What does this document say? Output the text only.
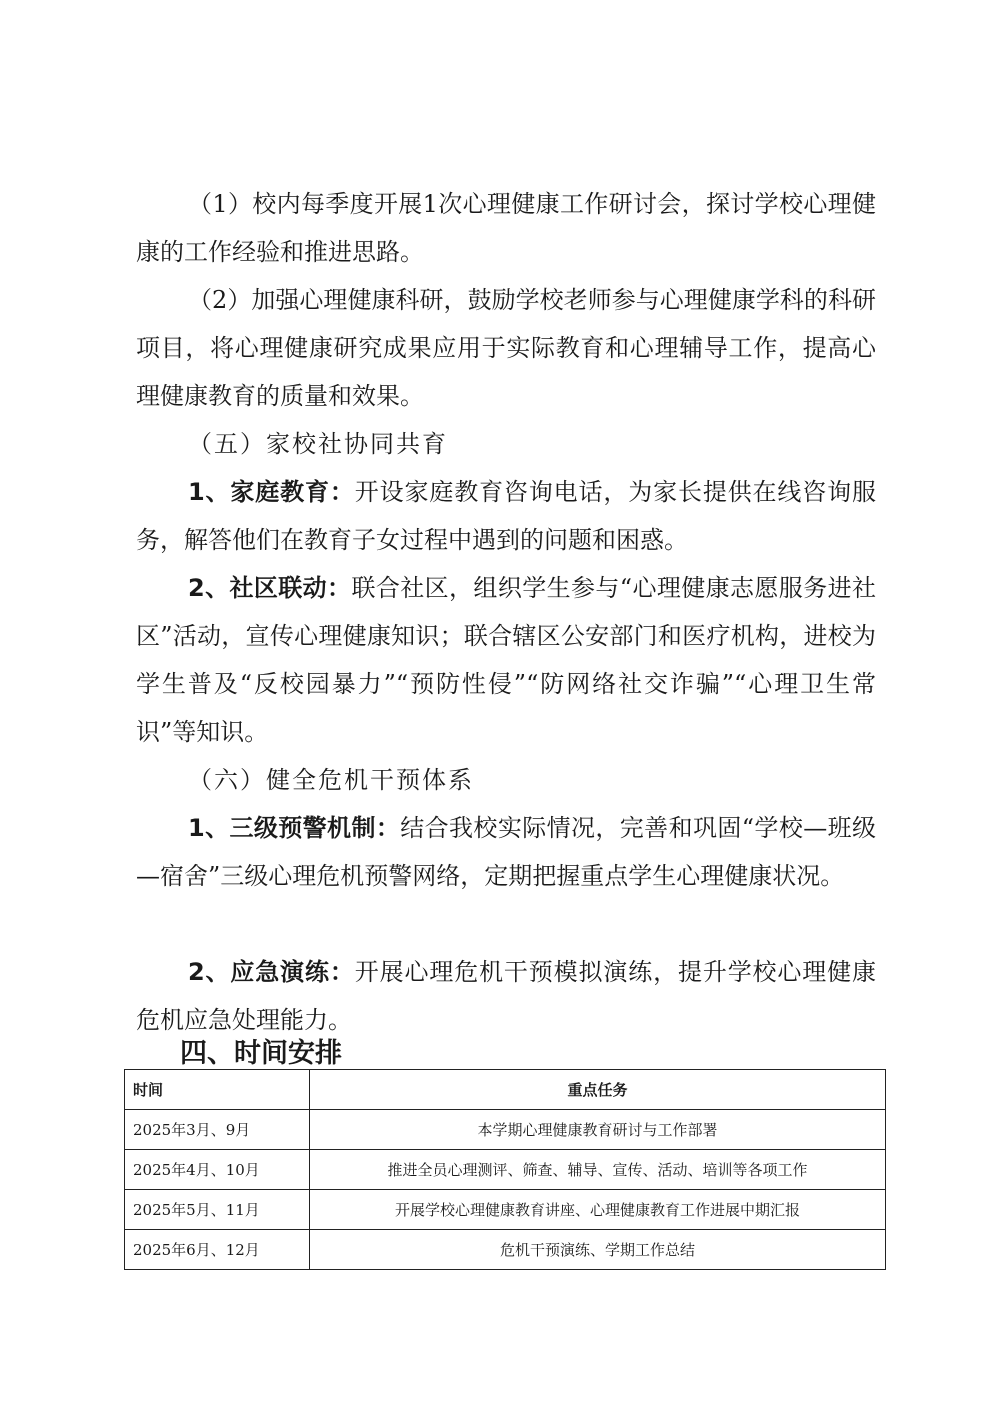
（1）校内每季度开展1次心理健康工作研讨会，探讨学校心理健康的工作经验和推进思路。

（2）加强心理健康科研，鼓励学校老师参与心理健康学科的科研项目，将心理健康研究成果应用于实际教育和心理辅导工作，提高心理健康教育的质量和效果。

（五）家校社协同共育

1、家庭教育：开设家庭教育咨询电话，为家长提供在线咨询服务，解答他们在教育子女过程中遇到的问题和困惑。

2、社区联动：联合社区，组织学生参与“心理健康志愿服务进社区”活动，宣传心理健康知识；联合辖区公安部门和医疗机构，进校为学生普及“反校园暴力”“预防性侵”“防网络社交诈骗”“心理卫生常识”等知识。

（六）健全危机干预体系

1、三级预警机制：结合我校实际情况，完善和巩固“学校—班级—宿舍”三级心理危机预警网络，定期把握重点学生心理健康状况。

2、应急演练：开展心理危机干预模拟演练，提升学校心理健康危机应急处理能力。

四、时间安排

时间	重点任务
2025年3月、9月	本学期心理健康教育研讨与工作部署
2025年4月、10月	推进全员心理测评、筛查、辅导、宣传、活动、培训等各项工作
2025年5月、11月	开展学校心理健康教育讲座、心理健康教育工作进展中期汇报
2025年6月、12月	危机干预演练、学期工作总结
